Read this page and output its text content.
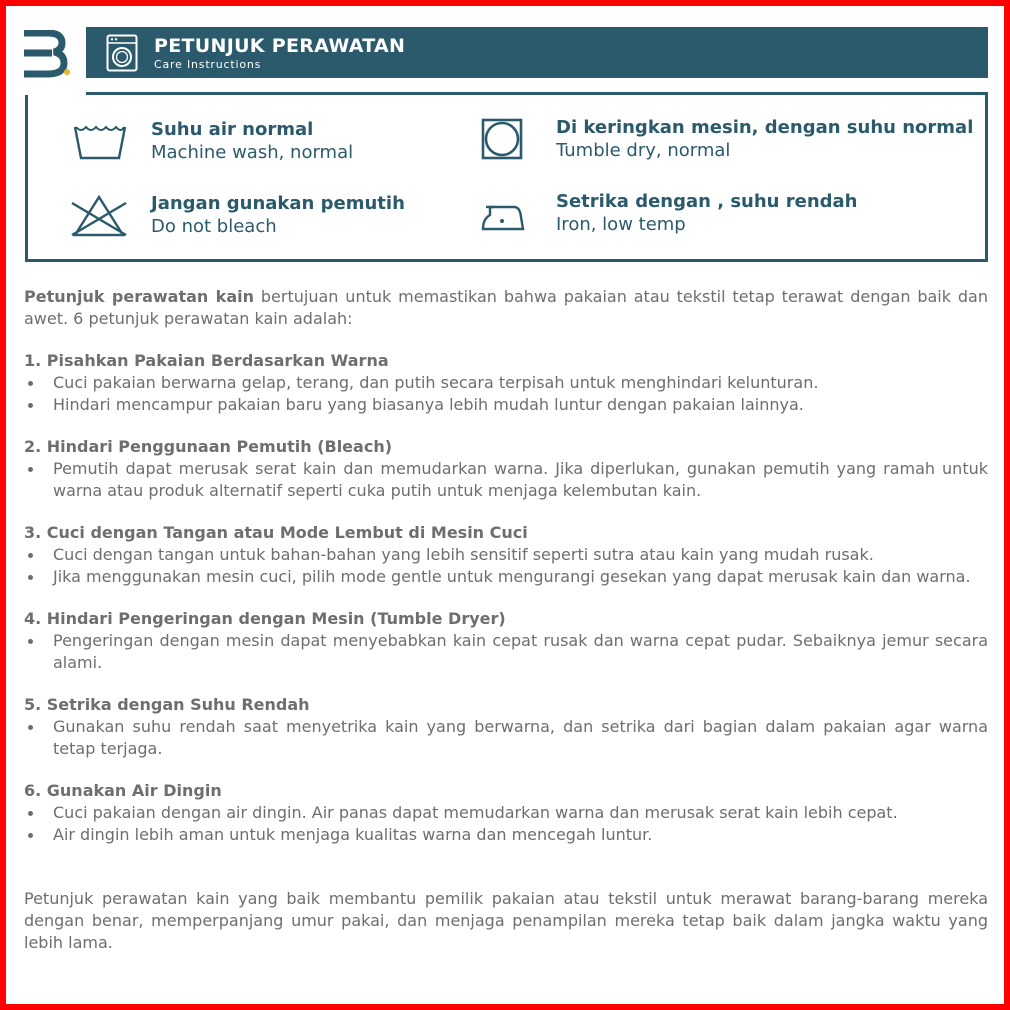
PETUNJUK PERAWATAN
Care Instructions
Suhu air normal
Machine wash, normal
Di keringkan mesin, dengan suhu normal
Tumble dry, normal
Jangan gunakan pemutih
Do not bleach
Setrika dengan , suhu rendah
Iron, low temp

Petunjuk perawatan kain bertujuan untuk memastikan bahwa pakaian atau tekstil tetap terawat dengan baik dan awet. 6 petunjuk perawatan kain adalah:

1. Pisahkan Pakaian Berdasarkan Warna
Cuci pakaian berwarna gelap, terang, dan putih secara terpisah untuk menghindari kelunturan.
Hindari mencampur pakaian baru yang biasanya lebih mudah luntur dengan pakaian lainnya.
2. Hindari Penggunaan Pemutih (Bleach)
Pemutih dapat merusak serat kain dan memudarkan warna. Jika diperlukan, gunakan pemutih yang ramah untuk warna atau produk alternatif seperti cuka putih untuk menjaga kelembutan kain.
3. Cuci dengan Tangan atau Mode Lembut di Mesin Cuci
Cuci dengan tangan untuk bahan-bahan yang lebih sensitif seperti sutra atau kain yang mudah rusak.
Jika menggunakan mesin cuci, pilih mode gentle untuk mengurangi gesekan yang dapat merusak kain dan warna.
4. Hindari Pengeringan dengan Mesin (Tumble Dryer)
Pengeringan dengan mesin dapat menyebabkan kain cepat rusak dan warna cepat pudar. Sebaiknya jemur secara alami.
5. Setrika dengan Suhu Rendah
Gunakan suhu rendah saat menyetrika kain yang berwarna, dan setrika dari bagian dalam pakaian agar warna tetap terjaga.
6. Gunakan Air Dingin
Cuci pakaian dengan air dingin. Air panas dapat memudarkan warna dan merusak serat kain lebih cepat.
Air dingin lebih aman untuk menjaga kualitas warna dan mencegah luntur.

Petunjuk perawatan kain yang baik membantu pemilik pakaian atau tekstil untuk merawat barang-barang mereka dengan benar, memperpanjang umur pakai, dan menjaga penampilan mereka tetap baik dalam jangka waktu yang lebih lama.
